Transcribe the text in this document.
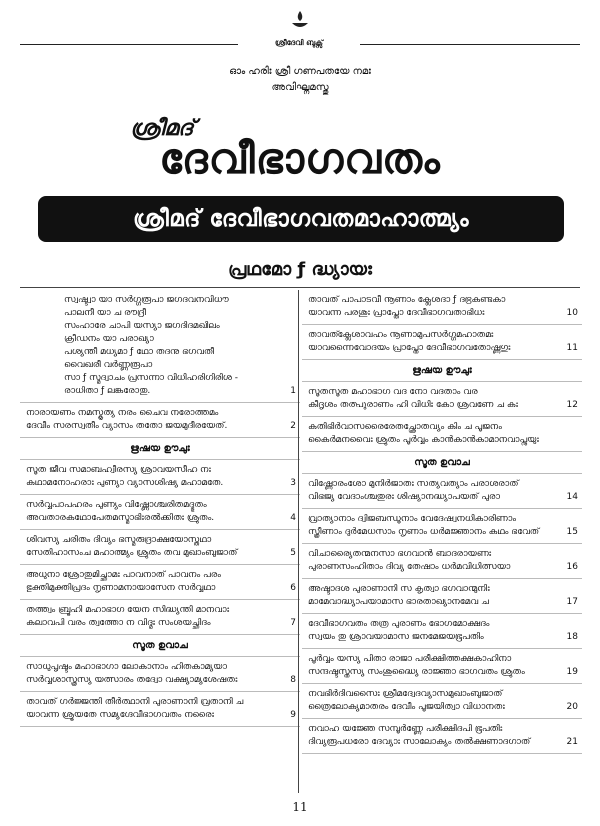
ശ്രീദേവി ബുക്സ്
ഓം ഹരിഃ ശ്രീ ഗണപതയേ നമഃ
അവിഘ്നമസ്തു
ശ്രീമദ്
ദേവീഭാഗവതം
ശ്രീമദ് ദേവീഭാഗവതമാഹാത്മ്യം
പ്രഥമോ ƒ ദ്ധ്യായഃ
സ്വഷ്ട്വാ യാ സർഗ്ഗരൂപാ ജഗദവനവിധൗ
പാലനീ യാ ച രൗദ്രീ
സംഹാരേ ചാപി യസ്യാ ജഗദിദമഖിലം
ക്രീഡനം യാ പരാഖ്യാ
പശ്യന്തീ മധ്യമാ ƒ ഥോ തദനു ഭഗവതീ
വൈഖരീ വർണ്ണരൂപാ
സാ ƒ സ്മദ്വാചം പ്രസന്നാ വിധിഹരിഗിരിശ -
രാധിതാ ƒ ലങ്കരോതു.	1
നാരായണം നമസ്കൃത്യ നരം ചൈവ നരോത്തമം
ദേവീം സരസ്വതീം വ്യാസം തതോ ജയമുദീരയേത്.	2
ഋഷയ ഊചുഃ
സൂത ജീവ സമാബഹ്വീരസ്യ ശ്രാവയസീഹ നഃ
കഥാമനോഹരാഃ പുണ്യാ വ്യാസശിഷ്യ മഹാമതേ.	3
സർവ്വപാപഹരം പുണ്യം വിഷ്ണോശ്ചരിതമദ്ഭുതം
അവതാരകഥോപേതമസ്മാഭിഃരൽക്കിതഃ ശ്രുതം.	4
ശിവസ്യ ചരിതം ദിവ്യം ഭസ്മരുദ്രാക്ഷയോസ്തഥാ
സേതിഹാസംച മഹാത്മ്യം ശ്രുതം തവ മുഖാംബുജാത്	5
അധുനാ ശ്രോതുമിച്ഛാമഃ പാവനാത് പാവനം പരം
ഭുക്തിമുക്തിപ്രദം നൃണാമനായാസേന സർവ്വഥാ	6
തത്ത്വം ബ്രൂഹി മഹാഭാഗ യേന സിദ്ധ്യന്തി മാനവാഃ
കലാവപി വരം ത്വത്തോ ന വിദ്മഃ സംശയച്ഛിദം	7
സൂത ഉവാച
സാധുപൃഷ്ടം മഹാഭാഗാ ലോകാനാം ഹിതകാമ്യയാ
സർവ്വശാസ്ത്രസ്യ യത്സാരം തദ്വോ വക്ഷ്യാമ്യശേഷതഃ	8
താവത് ഗർജ്ജന്തി തീർത്ഥാനി പുരാണാനി വ്രതാനി ച
യാവന്ന ശ്രൂയതേ സമ്യഗ്ദേവീഭാഗവതം നരൈഃ	9
താവത് പാപാടവീ നൂണാം ക്ലേശദാ ƒ ദഭ്രകണ്ടകാ
യാവന്ന പരശുഃ പ്രാപ്തോ ദേവീഭാഗവതാഭിധഃ	10
താവത്ക്ലേശാവഹം നൂണാമുപസർഗ്ഗമഹാതമഃ
യാവന്നൈവോദയം പ്രാപ്തോ ദേവീഭാഗവതോഷ്ണഗുഃ	11
ഋഷയ ഊചുഃ
സൂതസൂത മഹാഭാഗ വദ നോ വദതാം വര
കീദൃശം തത്പുരാണം ഹി വിധിഃ കോ ശ്രവണേ ച കഃ	12
കതിഭിർവാസരൈരേതച്ഛ്രോതവ്യം കിം ച പൂജനം
കൈർമനവൈഃ ശ്രുതം പൂർവ്വം കാൻകാൻകാമാനവാപ്നുയുഃ
സൂത ഉവാച
വിഷ്ണോരംശോ മുനിർജാതഃ സത്യവത്യാം പരാശരാത്
വിഭജ്യ വേദാംശ്ചതുരഃ ശിഷ്യാനദ്ധ്യാപയത് പുരാ	14
വ്രാത്യാനാം ദ്വിജബന്ധൂനാം വേദേഷ്വനധികാരിണാം
സ്ത്രീണാം ദുർമേധസാം നൃണാം ധർമജ്ഞാനം കഥം ഭവേത്	15
വിചാര്യൈതന്മനസാ ഭഗവാൻ ബാദരായണഃ
പുരാണസംഹിതാം ദിവ്യ തേഷാം ധർമവിധിത്സയാ	16
അഷ്ടാദശ പുരാണാനി സ കൃത്വാ ഭഗവാന്മുനിഃ
മാമേവാദ്ധ്യാപയാമാസ ഭാരതാഖ്യാനമേവ ച	17
ദേവീഭാഗവതം തത്ര പുരാണം ഭോഗമോക്ഷദം
സ്വയം തു ശ്രാവയാമാസ ജനമേജയഭൂപതിം	18
പൂർവ്വം യസ്യ പിതാ രാജാ പരീക്ഷിത്തക്ഷകാഹിനാ
സന്ദഷ്ടസ്തസ്യ സംശുദ്ധ്യൈ രാജ്ഞാ ഭാഗവതം ശ്രുതം	19
നവഭിർദിവസൈഃ ശ്രീമദ്വേദവ്യാസമുഖാംബുജാത്
ത്രൈലോക്യമാതരം ദേവീം പൂജയിത്വാ വിധാനതഃ	20
നവാഹ യജ്ഞേ സമ്പൂർണ്ണേ പരീക്ഷിദപി ഭൂപതിഃ
ദിവ്യരൂപധരോ ദേവ്യാഃ സാലോക്യം തൽക്ഷണാദഗാത്	21
11
